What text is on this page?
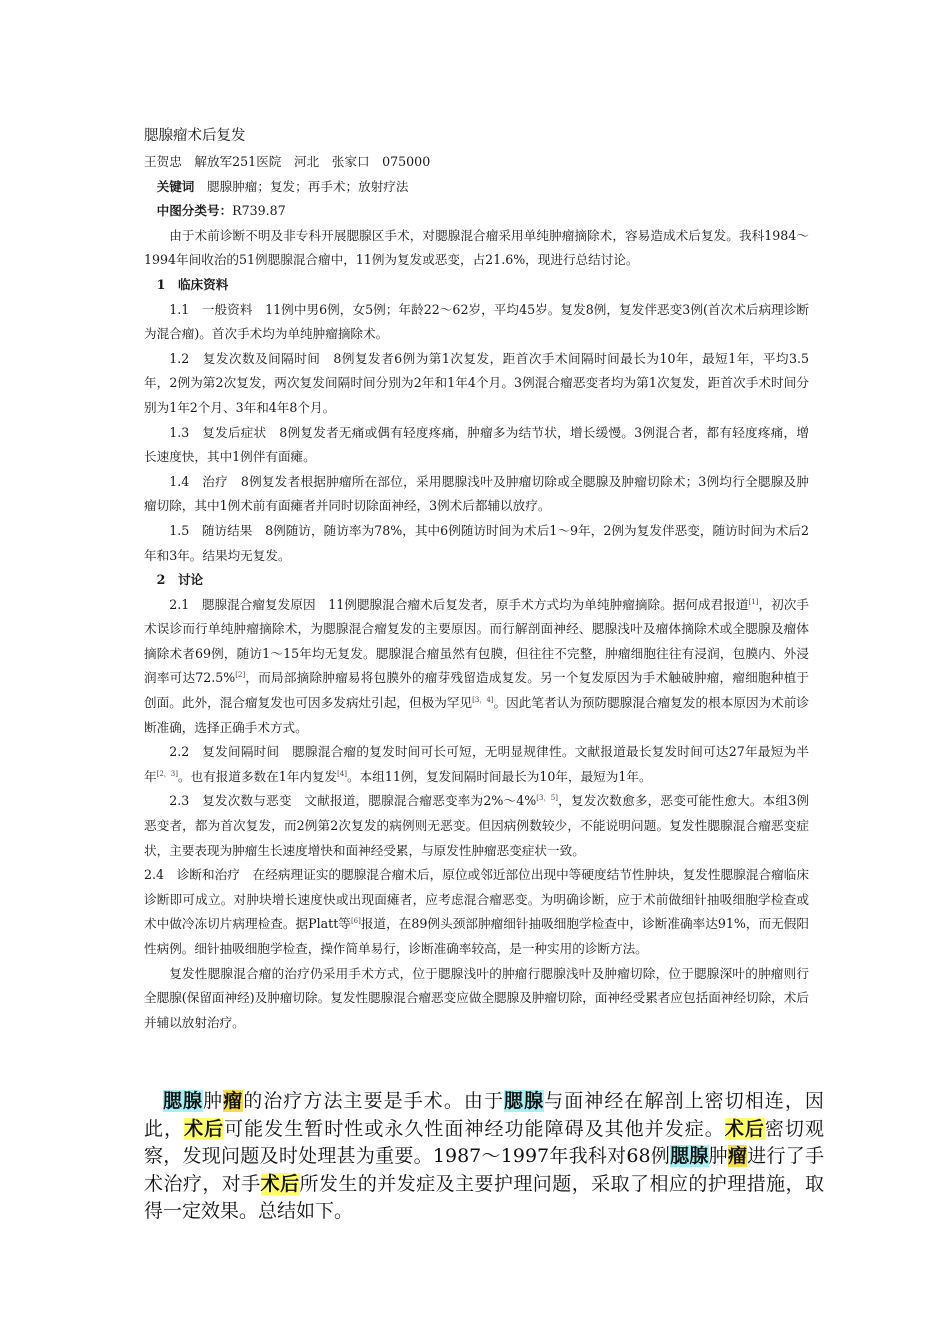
腮腺瘤术后复发

王贺忠　解放军251医院　河北　张家口　075000

关键词　 腮腺肿瘤；复发；再手术；放射疗法

中图分类号：R739.87

由于术前诊断不明及非专科开展腮腺区手术，对腮腺混合瘤采用单纯肿瘤摘除术，容易造成术后复发。我科1984～1994年间收治的51例腮腺混合瘤中，11例为复发或恶变，占21.6%，现进行总结讨论。

1　临床资料

1.1　一般资料　11例中男6例，女5例；年龄22～62岁，平均45岁。复发8例，复发伴恶变3例(首次术后病理诊断为混合瘤)。首次手术均为单纯肿瘤摘除术。

1.2　复发次数及间隔时间　8例复发者6例为第1次复发，距首次手术间隔时间最长为10年，最短1年，平均3.5年，2例为第2次复发，两次复发间隔时间分别为2年和1年4个月。3例混合瘤恶变者均为第1次复发，距首次手术时间分别为1年2个月、3年和4年8个月。

1.3　复发后症状　8例复发者无痛或偶有轻度疼痛，肿瘤多为结节状，增长缓慢。3例混合者，都有轻度疼痛，增长速度快，其中1例伴有面瘫。

1.4　治疗　8例复发者根据肿瘤所在部位，采用腮腺浅叶及肿瘤切除或全腮腺及肿瘤切除术；3例均行全腮腺及肿瘤切除，其中1例术前有面瘫者并同时切除面神经，3例术后都辅以放疗。

1.5　随访结果　8例随访，随访率为78%，其中6例随访时间为术后1～9年，2例为复发伴恶变，随访时间为术后2年和3年。结果均无复发。

2　讨论

2.1　腮腺混合瘤复发原因　11例腮腺混合瘤术后复发者，原手术方式均为单纯肿瘤摘除。据何成君报道[1]，初次手术误诊而行单纯肿瘤摘除术，为腮腺混合瘤复发的主要原因。而行解剖面神经、腮腺浅叶及瘤体摘除术或全腮腺及瘤体摘除术者69例，随访1～15年均无复发。腮腺混合瘤虽然有包膜，但往往不完整，肿瘤细胞往往有浸润，包膜内、外浸润率可达72.5%[2]，而局部摘除肿瘤易将包膜外的瘤芽残留造成复发。另一个复发原因为手术触破肿瘤，瘤细胞种植于创面。此外，混合瘤复发也可因多发病灶引起，但极为罕见[3，4]。因此笔者认为预防腮腺混合瘤复发的根本原因为术前诊断准确，选择正确手术方式。

2.2　复发间隔时间　腮腺混合瘤的复发时间可长可短，无明显规律性。文献报道最长复发时间可达27年最短为半年[2，3]。也有报道多数在1年内复发[4]。本组11例，复发间隔时间最长为10年，最短为1年。

2.3　复发次数与恶变　文献报道，腮腺混合瘤恶变率为2%～4%[3，5]，复发次数愈多，恶变可能性愈大。本组3例恶变者，都为首次复发，而2例第2次复发的病例则无恶变。但因病例数较少，不能说明问题。复发性腮腺混合瘤恶变症状，主要表现为肿瘤生长速度增快和面神经受累，与原发性肿瘤恶变症状一致。

2.4　诊断和治疗　在经病理证实的腮腺混合瘤术后，原位或邻近部位出现中等硬度结节性肿块，复发性腮腺混合瘤临床诊断即可成立。对肿块增长速度快或出现面瘫者，应考虑混合瘤恶变。为明确诊断，应于术前做细针抽吸细胞学检查或术中做冷冻切片病理检查。据Platt等[6]报道，在89例头颈部肿瘤细针抽吸细胞学检查中，诊断准确率达91%，而无假阳性病例。细针抽吸细胞学检查，操作简单易行，诊断准确率较高，是一种实用的诊断方法。

复发性腮腺混合瘤的治疗仍采用手术方式，位于腮腺浅叶的肿瘤行腮腺浅叶及肿瘤切除，位于腮腺深叶的肿瘤则行全腮腺(保留面神经)及肿瘤切除。复发性腮腺混合瘤恶变应做全腮腺及肿瘤切除，面神经受累者应包括面神经切除，术后并辅以放射治疗。

腮腺肿瘤的治疗方法主要是手术。由于腮腺与面神经在解剖上密切相连，因此，术后可能发生暂时性或永久性面神经功能障碍及其他并发症。术后密切观察，发现问题及时处理甚为重要。1987～1997年我科对68例腮腺肿瘤进行了手术治疗，对手术后所发生的并发症及主要护理问题，采取了相应的护理措施，取得一定效果。总结如下。
